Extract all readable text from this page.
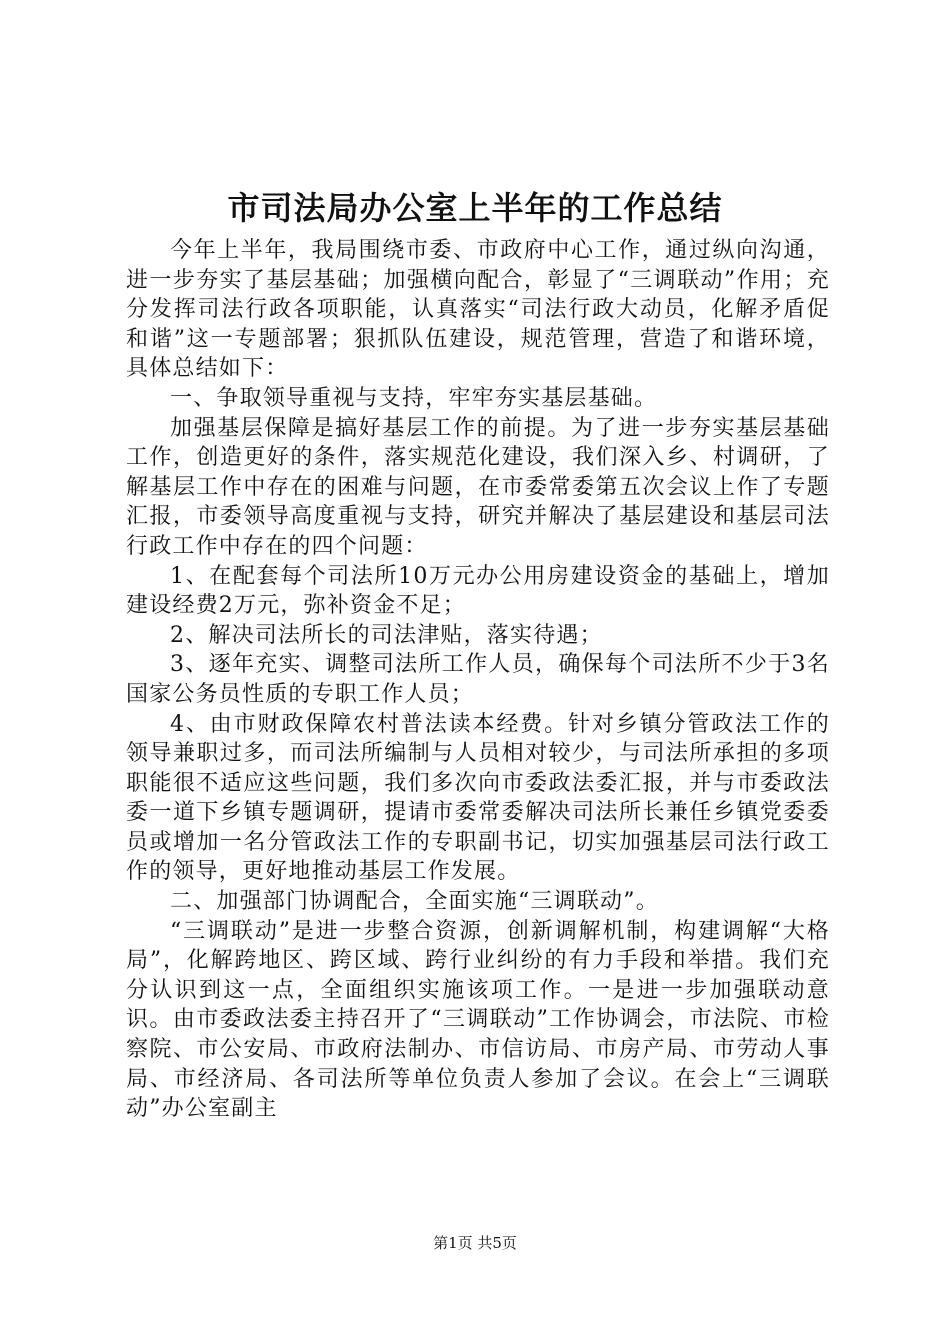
市司法局办公室上半年的工作总结

今年上半年，我局围绕市委、市政府中心工作，通过纵向沟通，进一步夯实了基层基础；加强横向配合，彰显了“三调联动”作用；充分发挥司法行政各项职能，认真落实“司法行政大动员，化解矛盾促和谐”这一专题部署；狠抓队伍建设，规范管理，营造了和谐环境，具体总结如下：

一、争取领导重视与支持，牢牢夯实基层基础。

加强基层保障是搞好基层工作的前提。为了进一步夯实基层基础工作，创造更好的条件，落实规范化建设，我们深入乡、村调研，了解基层工作中存在的困难与问题，在市委常委第五次会议上作了专题汇报，市委领导高度重视与支持，研究并解决了基层建设和基层司法行政工作中存在的四个问题：

1、在配套每个司法所10万元办公用房建设资金的基础上，增加建设经费2万元，弥补资金不足；

2、解决司法所长的司法津贴，落实待遇；

3、逐年充实、调整司法所工作人员，确保每个司法所不少于3名国家公务员性质的专职工作人员；

4、由市财政保障农村普法读本经费。针对乡镇分管政法工作的领导兼职过多，而司法所编制与人员相对较少，与司法所承担的多项职能很不适应这些问题，我们多次向市委政法委汇报，并与市委政法委一道下乡镇专题调研，提请市委常委解决司法所长兼任乡镇党委委员或增加一名分管政法工作的专职副书记，切实加强基层司法行政工作的领导，更好地推动基层工作发展。

二、加强部门协调配合，全面实施“三调联动”。

“三调联动”是进一步整合资源，创新调解机制，构建调解“大格局”，化解跨地区、跨区域、跨行业纠纷的有力手段和举措。我们充分认识到这一点，全面组织实施该项工作。一是进一步加强联动意识。由市委政法委主持召开了“三调联动”工作协调会，市法院、市检察院、市公安局、市政府法制办、市信访局、市房产局、市劳动人事局、市经济局、各司法所等单位负责人参加了会议。在会上“三调联动”办公室副主

第1页 共5页
